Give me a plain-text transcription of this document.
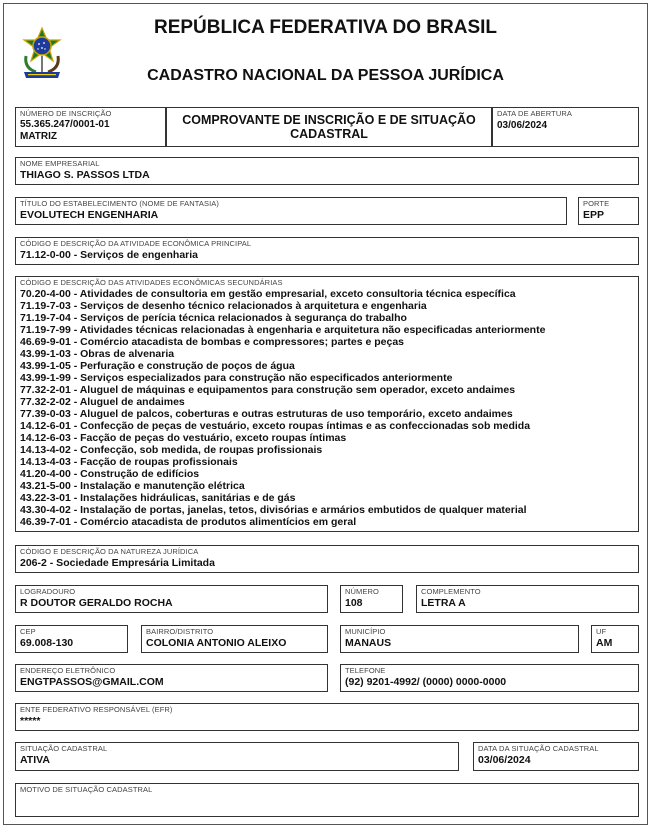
REPÚBLICA FEDERATIVA DO BRASIL
CADASTRO NACIONAL DA PESSOA JURÍDICA
NÚMERO DE INSCRIÇÃO
55.365.247/0001-01
MATRIZ
COMPROVANTE DE INSCRIÇÃO E DE SITUAÇÃO CADASTRAL
DATA DE ABERTURA
03/06/2024
NOME EMPRESARIAL
THIAGO S. PASSOS LTDA
TÍTULO DO ESTABELECIMENTO (NOME DE FANTASIA)
EVOLUTECH ENGENHARIA
PORTE
EPP
CÓDIGO E DESCRIÇÃO DA ATIVIDADE ECONÔMICA PRINCIPAL
71.12-0-00 - Serviços de engenharia
CÓDIGO E DESCRIÇÃO DAS ATIVIDADES ECONÔMICAS SECUNDÁRIAS
70.20-4-00 - Atividades de consultoria em gestão empresarial, exceto consultoria técnica específica
71.19-7-03 - Serviços de desenho técnico relacionados à arquitetura e engenharia
71.19-7-04 - Serviços de perícia técnica relacionados à segurança do trabalho
71.19-7-99 - Atividades técnicas relacionadas à engenharia e arquitetura não especificadas anteriormente
46.69-9-01 - Comércio atacadista de bombas e compressores; partes e peças
43.99-1-03 - Obras de alvenaria
43.99-1-05 - Perfuração e construção de poços de água
43.99-1-99 - Serviços especializados para construção não especificados anteriormente
77.32-2-01 - Aluguel de máquinas e equipamentos para construção sem operador, exceto andaimes
77.32-2-02 - Aluguel de andaimes
77.39-0-03 - Aluguel de palcos, coberturas e outras estruturas de uso temporário, exceto andaimes
14.12-6-01 - Confecção de peças de vestuário, exceto roupas íntimas e as confeccionadas sob medida
14.12-6-03 - Facção de peças do vestuário, exceto roupas íntimas
14.13-4-02 - Confecção, sob medida, de roupas profissionais
14.13-4-03 - Facção de roupas profissionais
41.20-4-00 - Construção de edifícios
43.21-5-00 - Instalação e manutenção elétrica
43.22-3-01 - Instalações hidráulicas, sanitárias e de gás
43.30-4-02 - Instalação de portas, janelas, tetos, divisórias e armários embutidos de qualquer material
46.39-7-01 - Comércio atacadista de produtos alimentícios em geral
CÓDIGO E DESCRIÇÃO DA NATUREZA JURÍDICA
206-2 - Sociedade Empresária Limitada
LOGRADOURO
R DOUTOR GERALDO ROCHA
NÚMERO
108
COMPLEMENTO
LETRA A
CEP
69.008-130
BAIRRO/DISTRITO
COLONIA ANTONIO ALEIXO
MUNICÍPIO
MANAUS
UF
AM
ENDEREÇO ELETRÔNICO
ENGTPASSOS@GMAIL.COM
TELEFONE
(92) 9201-4992/ (0000) 0000-0000
ENTE FEDERATIVO RESPONSÁVEL (EFR)
*****
SITUAÇÃO CADASTRAL
ATIVA
DATA DA SITUAÇÃO CADASTRAL
03/06/2024
MOTIVO DE SITUAÇÃO CADASTRAL
